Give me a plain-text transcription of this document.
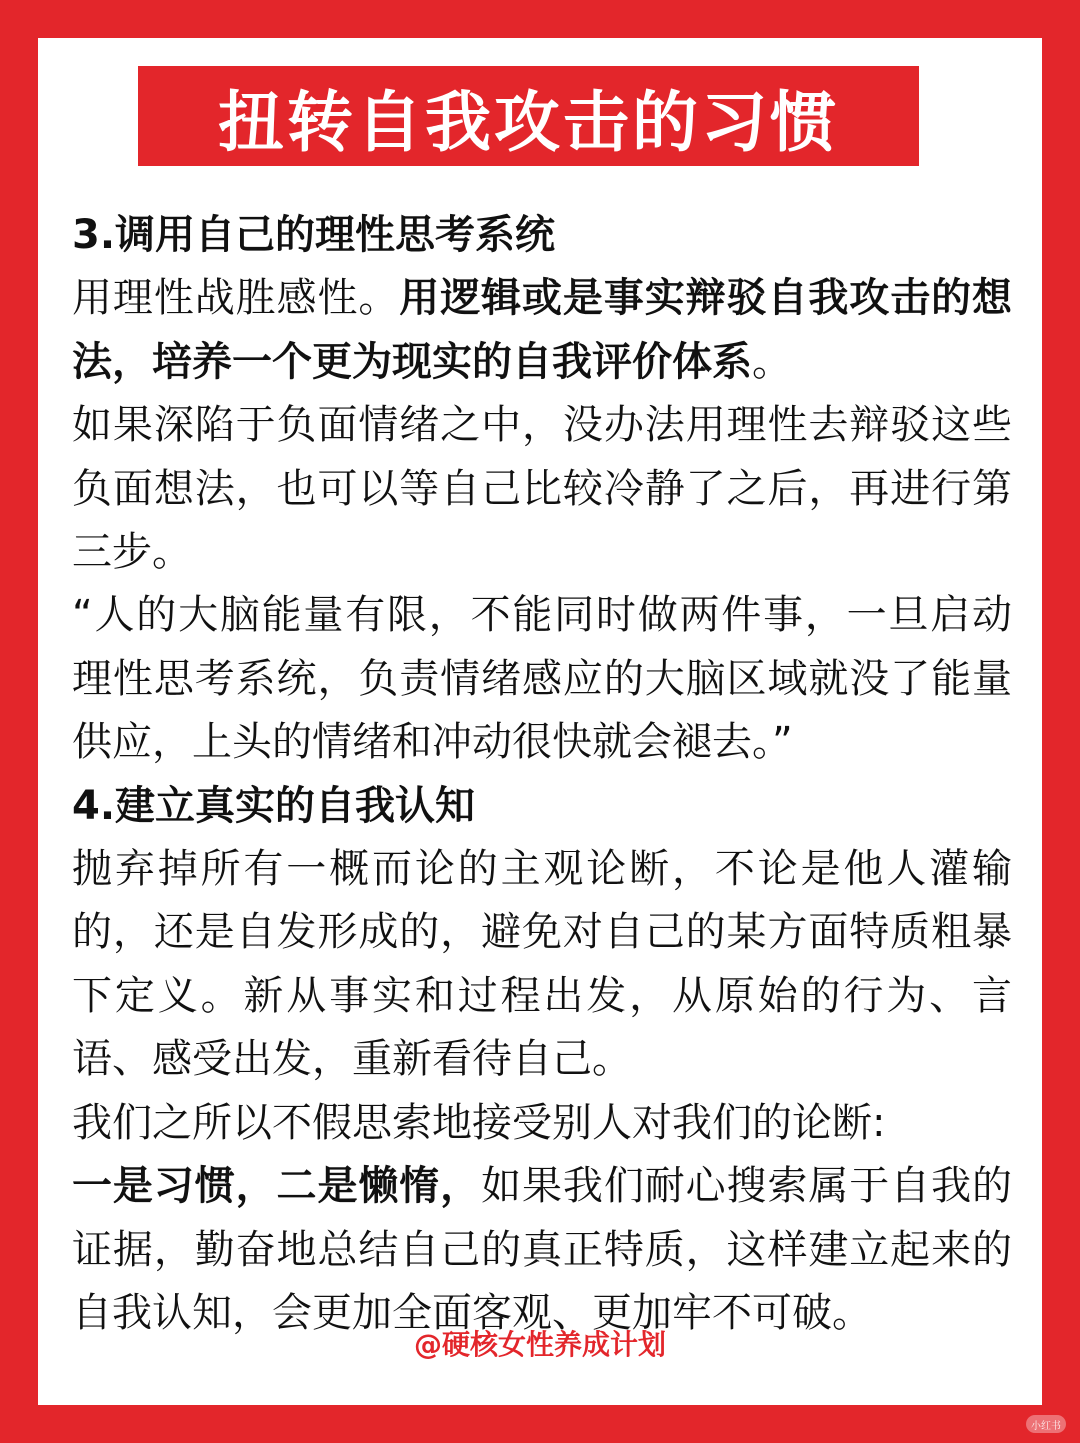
扭转自我攻击的习惯

3.调用自己的理性思考系统

用理性战胜感性。用逻辑或是事实辩驳自我攻击的想法，培养一个更为现实的自我评价体系。

如果深陷于负面情绪之中，没办法用理性去辩驳这些负面想法，也可以等自己比较冷静了之后，再进行第三步。

“人的大脑能量有限，不能同时做两件事，一旦启动理性思考系统，负责情绪感应的大脑区域就没了能量供应，上头的情绪和冲动很快就会褪去。”

4.建立真实的自我认知

抛弃掉所有一概而论的主观论断，不论是他人灌输的，还是自发形成的，避免对自己的某方面特质粗暴下定义。新从事实和过程出发，从原始的行为、言语、感受出发，重新看待自己。

我们之所以不假思索地接受别人对我们的论断:

一是习惯，二是懒惰，如果我们耐心搜索属于自我的证据，勤奋地总结自己的真正特质，这样建立起来的自我认知，会更加全面客观、更加牢不可破。

@硬核女性养成计划
小红书
